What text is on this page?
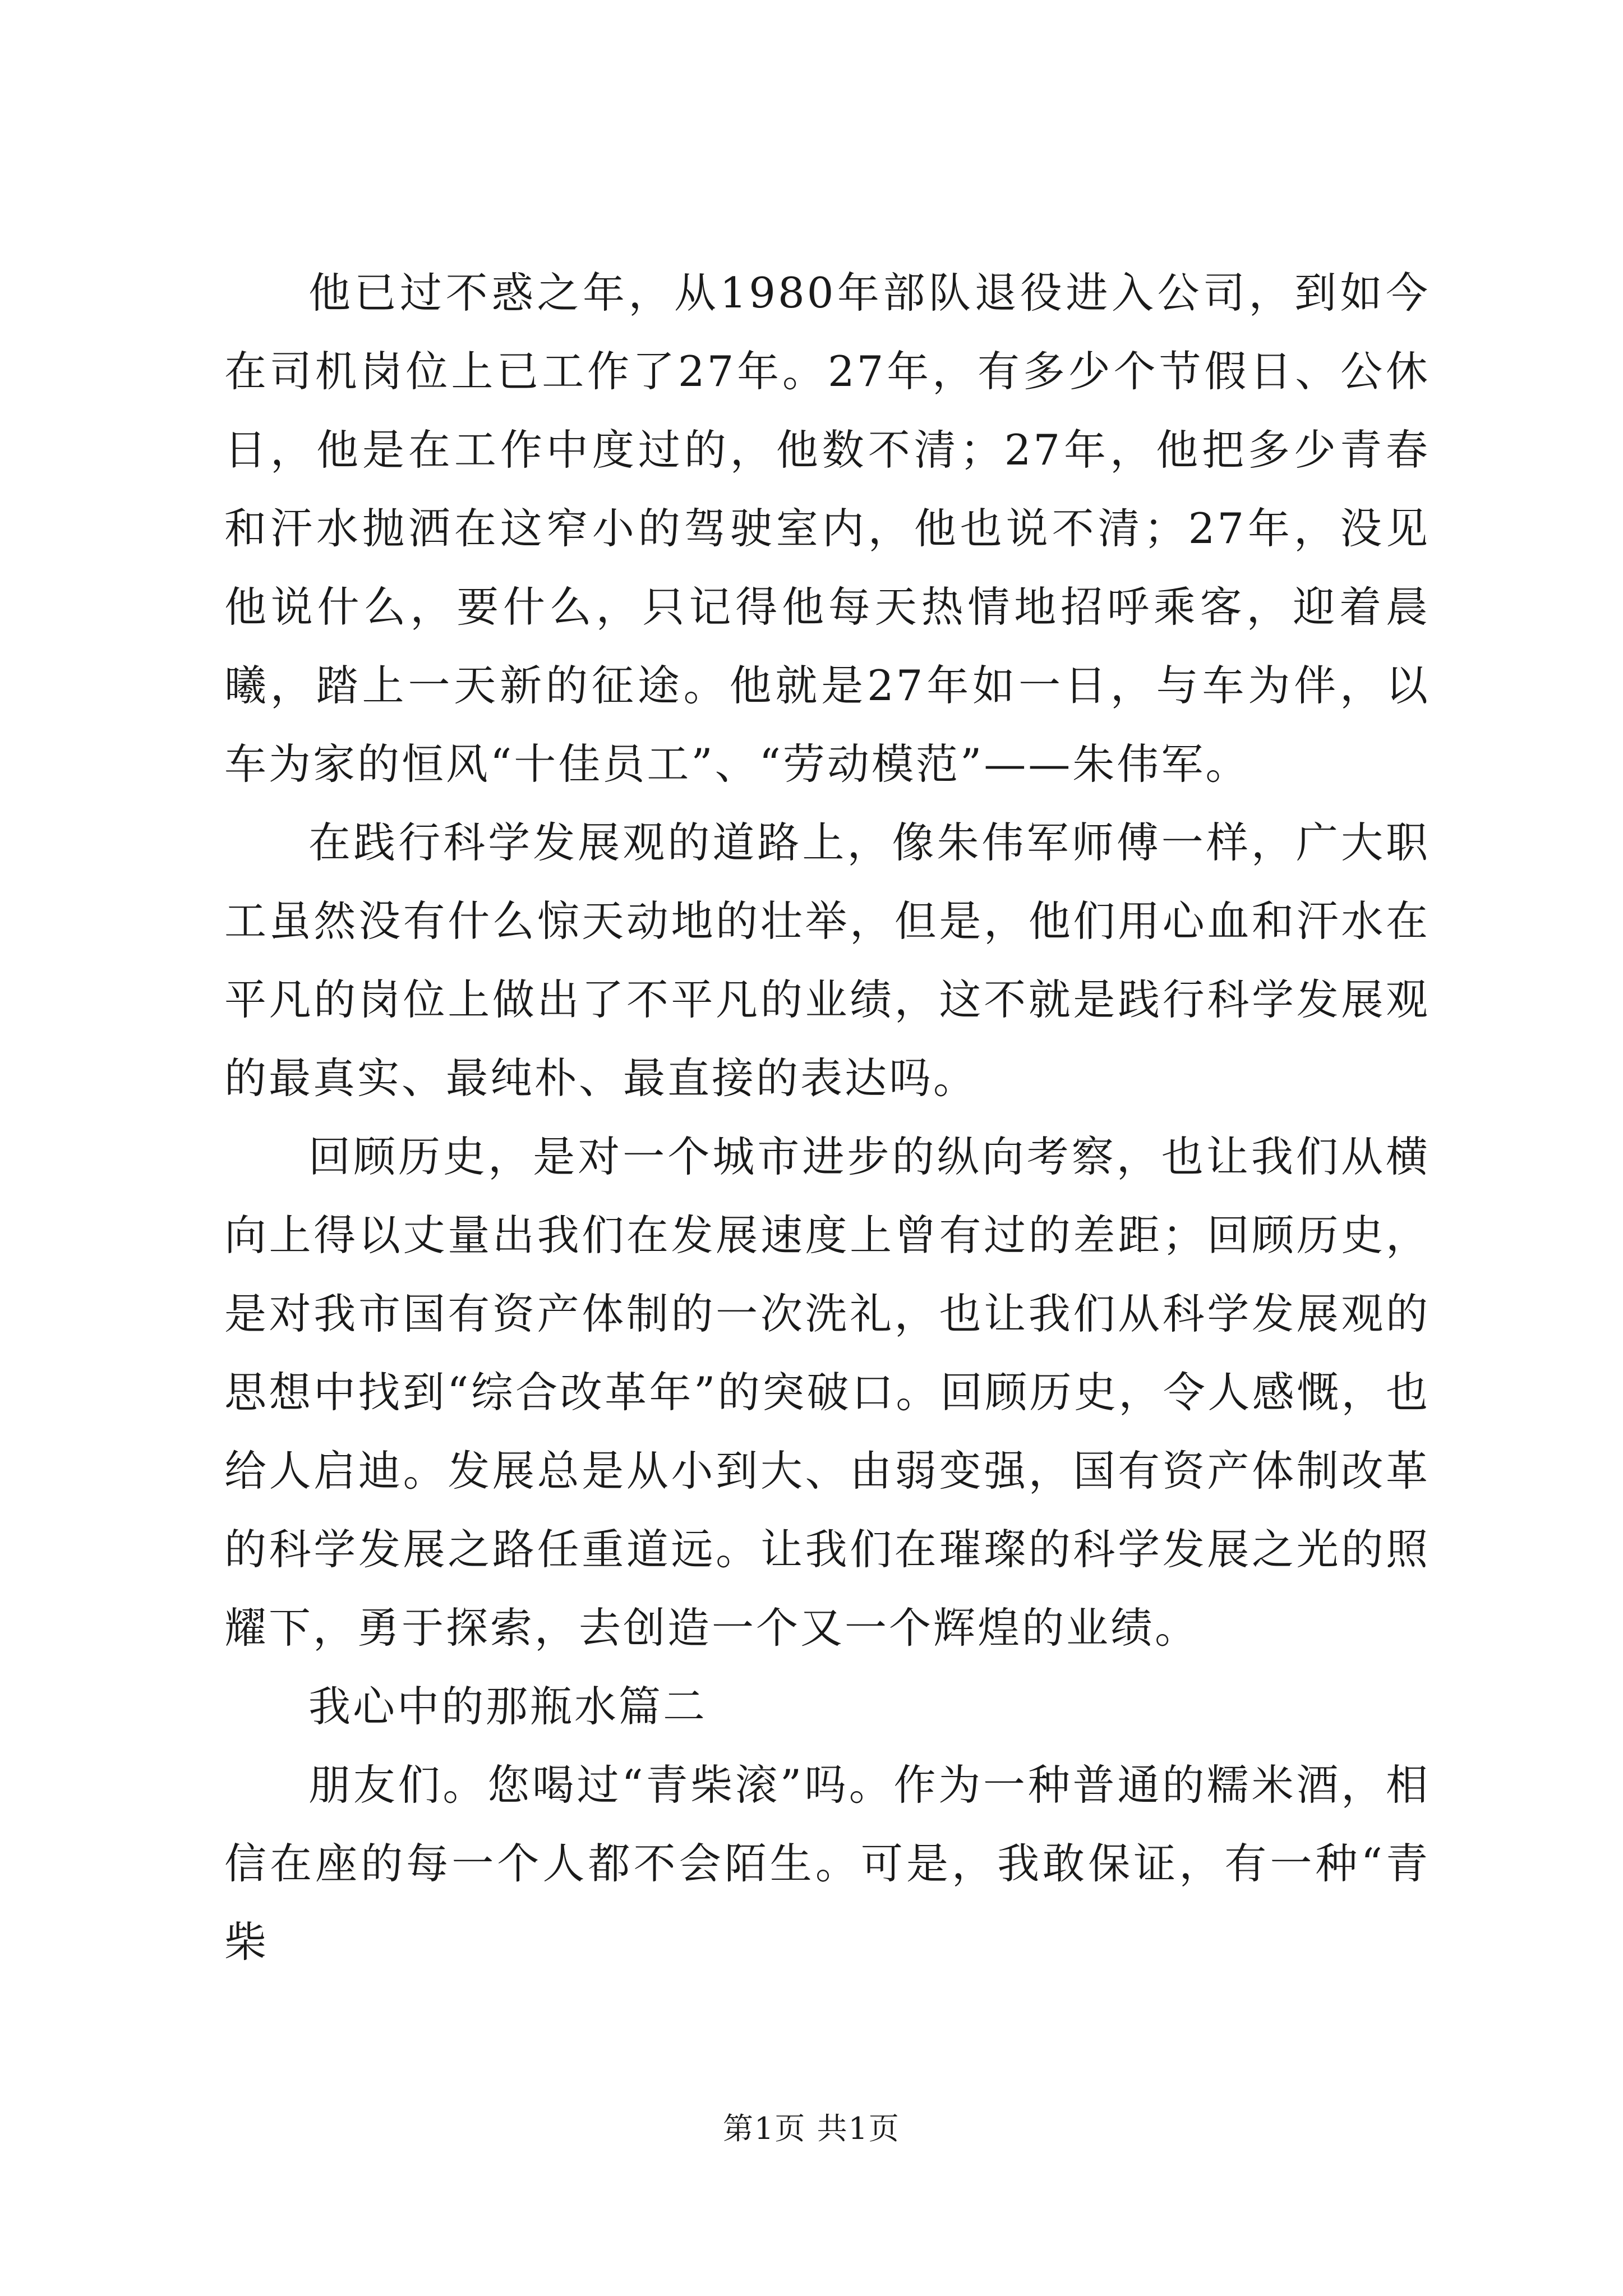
他已过不惑之年，从1980年部队退役进入公司，到如今在司机岗位上已工作了27年。27年，有多少个节假日、公休日，他是在工作中度过的，他数不清；27年，他把多少青春和汗水抛洒在这窄小的驾驶室内，他也说不清；27年，没见他说什么，要什么，只记得他每天热情地招呼乘客，迎着晨曦，踏上一天新的征途。他就是27年如一日，与车为伴，以车为家的恒风“十佳员工”、“劳动模范”——朱伟军。

在践行科学发展观的道路上，像朱伟军师傅一样，广大职工虽然没有什么惊天动地的壮举，但是，他们用心血和汗水在平凡的岗位上做出了不平凡的业绩，这不就是践行科学发展观的最真实、最纯朴、最直接的表达吗。

回顾历史，是对一个城市进步的纵向考察，也让我们从横向上得以丈量出我们在发展速度上曾有过的差距；回顾历史，是对我市国有资产体制的一次洗礼，也让我们从科学发展观的思想中找到“综合改革年”的突破口。回顾历史，令人感慨，也给人启迪。发展总是从小到大、由弱变强，国有资产体制改革的科学发展之路任重道远。让我们在璀璨的科学发展之光的照耀下，勇于探索，去创造一个又一个辉煌的业绩。

我心中的那瓶水篇二

朋友们。您喝过“青柴滚”吗。作为一种普通的糯米酒，相信在座的每一个人都不会陌生。可是，我敢保证，有一种“青柴

第1页 共1页
